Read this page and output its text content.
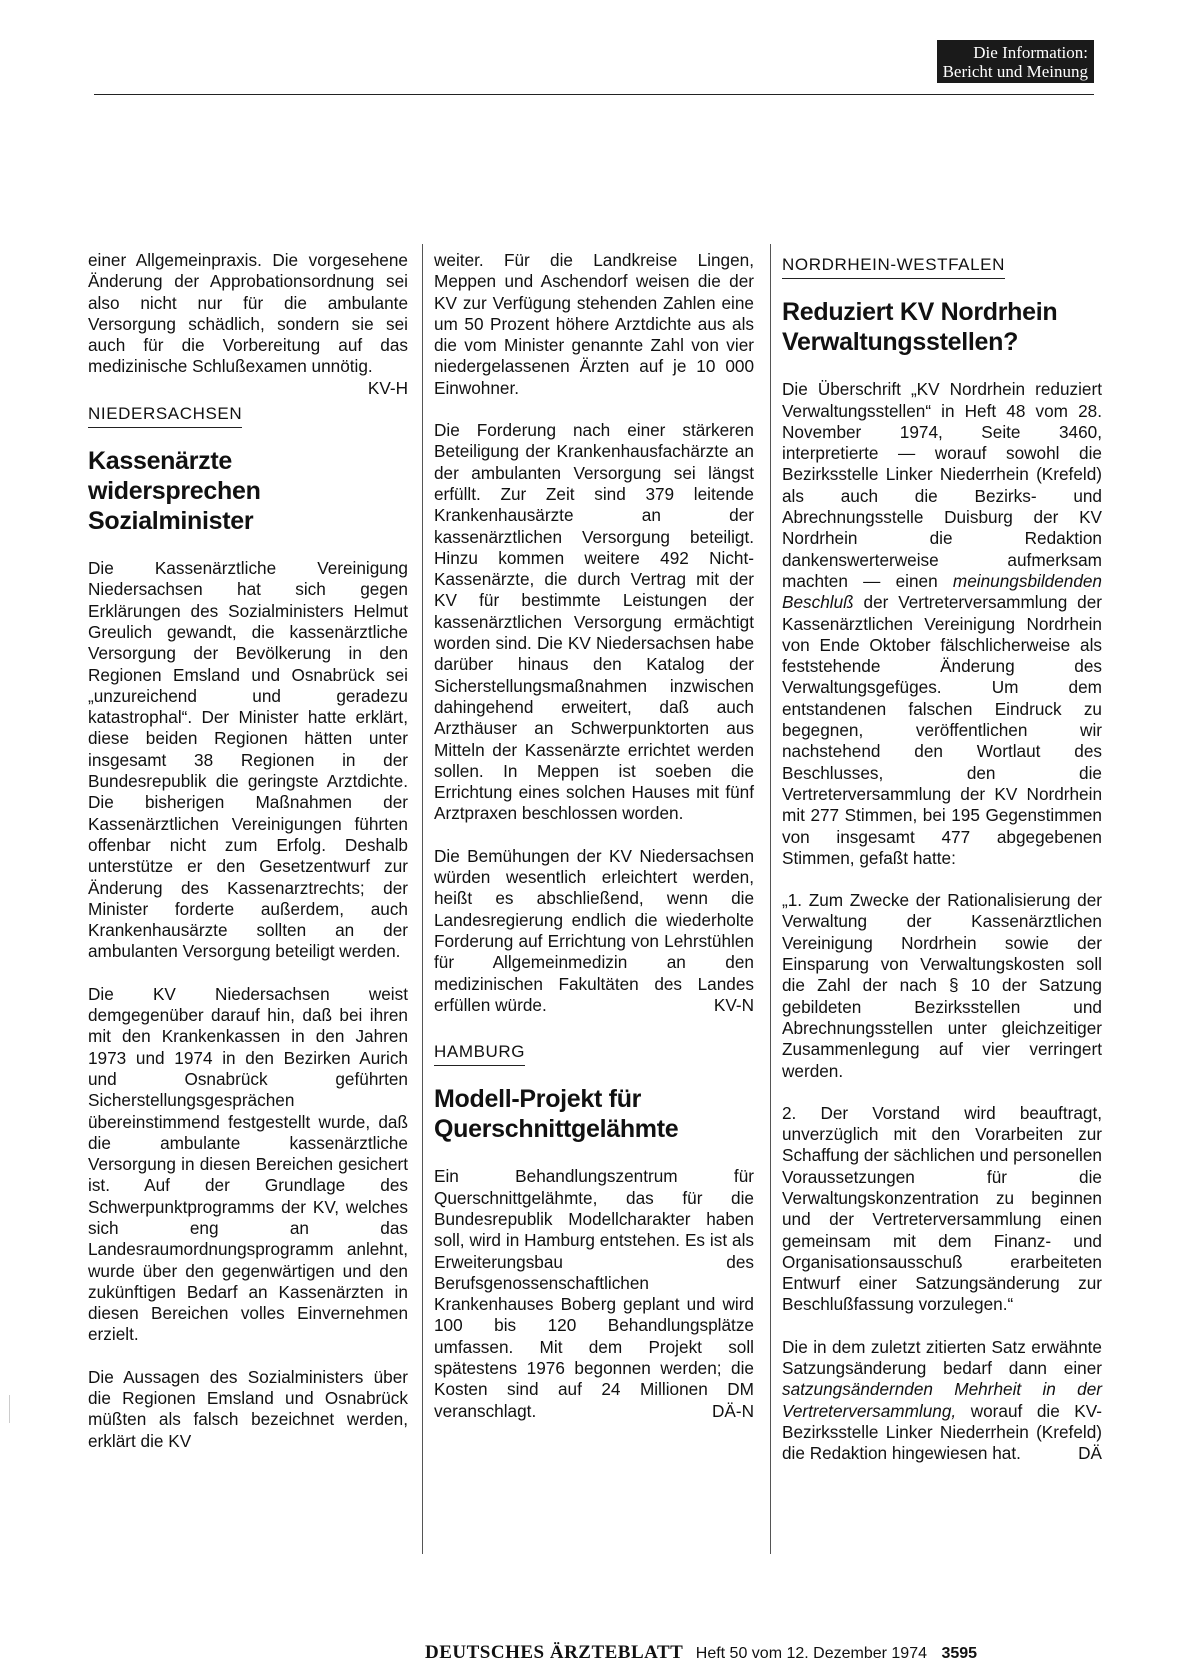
Die Information:
Bericht und Meinung

einer Allgemeinpraxis. Die vorgesehene Änderung der Approbationsordnung sei also nicht nur für die ambulante Versorgung schädlich, sondern sie sei auch für die Vorbereitung auf das medizinische Schlußexamen unnötig.
KV-H

NIEDERSACHSEN
Kassenärzte widersprechen Sozialminister

Die Kassenärztliche Vereinigung Niedersachsen hat sich gegen Erklärungen des Sozialministers Helmut Greulich gewandt, die kassenärztliche Versorgung der Bevölkerung in den Regionen Emsland und Osnabrück sei „unzureichend und geradezu katastrophal“. Der Minister hatte erklärt, diese beiden Regionen hätten unter insgesamt 38 Regionen in der Bundesrepublik die geringste Arztdichte. Die bisherigen Maßnahmen der Kassenärztlichen Vereinigungen führten offenbar nicht zum Erfolg. Deshalb unterstütze er den Gesetzentwurf zur Änderung des Kassenarztrechts; der Minister forderte außerdem, auch Krankenhausärzte sollten an der ambulanten Versorgung beteiligt werden.

Die KV Niedersachsen weist demgegenüber darauf hin, daß bei ihren mit den Krankenkassen in den Jahren 1973 und 1974 in den Bezirken Aurich und Osnabrück geführten Sicherstellungsgesprächen übereinstimmend festgestellt wurde, daß die ambulante kassenärztliche Versorgung in diesen Bereichen gesichert ist. Auf der Grundlage des Schwerpunktprogramms der KV, welches sich eng an das Landesraumordnungsprogramm anlehnt, wurde über den gegenwärtigen und den zukünftigen Bedarf an Kassenärzten in diesen Bereichen volles Einvernehmen erzielt.

Die Aussagen des Sozialministers über die Regionen Emsland und Osnabrück müßten als falsch bezeichnet werden, erklärt die KV

weiter. Für die Landkreise Lingen, Meppen und Aschendorf weisen die der KV zur Verfügung stehenden Zahlen eine um 50 Prozent höhere Arztdichte aus als die vom Minister genannte Zahl von vier niedergelassenen Ärzten auf je 10 000 Einwohner.

Die Forderung nach einer stärkeren Beteiligung der Krankenhausfachärzte an der ambulanten Versorgung sei längst erfüllt. Zur Zeit sind 379 leitende Krankenhausärzte an der kassenärztlichen Versorgung beteiligt. Hinzu kommen weitere 492 Nicht-Kassenärzte, die durch Vertrag mit der KV für bestimmte Leistungen der kassenärztlichen Versorgung ermächtigt worden sind. Die KV Niedersachsen habe darüber hinaus den Katalog der Sicherstellungsmaßnahmen inzwischen dahingehend erweitert, daß auch Arzthäuser an Schwerpunktorten aus Mitteln der Kassenärzte errichtet werden sollen. In Meppen ist soeben die Errichtung eines solchen Hauses mit fünf Arztpraxen beschlossen worden.

Die Bemühungen der KV Niedersachsen würden wesentlich erleichtert werden, heißt es abschließend, wenn die Landesregierung endlich die wiederholte Forderung auf Errichtung von Lehrstühlen für Allgemeinmedizin an den medizinischen Fakultäten des Landes erfüllen würde.	KV-N

HAMBURG
Modell-Projekt für Querschnittgelähmte

Ein Behandlungszentrum für Querschnittgelähmte, das für die Bundesrepublik Modellcharakter haben soll, wird in Hamburg entstehen. Es ist als Erweiterungsbau des Berufsgenossenschaftlichen Krankenhauses Boberg geplant und wird 100 bis 120 Behandlungsplätze umfassen. Mit dem Projekt soll spätestens 1976 begonnen werden; die Kosten sind auf 24 Millionen DM veranschlagt.	DÄ-N

NORDRHEIN-WESTFALEN
Reduziert KV Nordrhein Verwaltungsstellen?

Die Überschrift „KV Nordrhein reduziert Verwaltungsstellen“ in Heft 48 vom 28. November 1974, Seite 3460, interpretierte — worauf sowohl die Bezirksstelle Linker Niederrhein (Krefeld) als auch die Bezirks- und Abrechnungsstelle Duisburg der KV Nordrhein die Redaktion dankenswerterweise aufmerksam machten — einen meinungsbildenden Beschluß der Vertreterversammlung der Kassenärztlichen Vereinigung Nordrhein von Ende Oktober fälschlicherweise als feststehende Änderung des Verwaltungsgefüges. Um dem entstandenen falschen Eindruck zu begegnen, veröffentlichen wir nachstehend den Wortlaut des Beschlusses, den die Vertreterversammlung der KV Nordrhein mit 277 Stimmen, bei 195 Gegenstimmen von insgesamt 477 abgegebenen Stimmen, gefaßt hatte:

„1. Zum Zwecke der Rationalisierung der Verwaltung der Kassenärztlichen Vereinigung Nordrhein sowie der Einsparung von Verwaltungskosten soll die Zahl der nach § 10 der Satzung gebildeten Bezirksstellen und Abrechnungsstellen unter gleichzeitiger Zusammenlegung auf vier verringert werden.

2. Der Vorstand wird beauftragt, unverzüglich mit den Vorarbeiten zur Schaffung der sächlichen und personellen Voraussetzungen für die Verwaltungskonzentration zu beginnen und der Vertreterversammlung einen gemeinsam mit dem Finanz- und Organisationsausschuß erarbeiteten Entwurf einer Satzungsänderung zur Beschlußfassung vorzulegen.“

Die in dem zuletzt zitierten Satz erwähnte Satzungsänderung bedarf dann einer satzungsändernden Mehrheit in der Vertreterversammlung, worauf die KV-Bezirksstelle Linker Niederrhein (Krefeld) die Redaktion hingewiesen hat.	DÄ

DEUTSCHES ÄRZTEBLATT Heft 50 vom 12. Dezember 1974 3595
